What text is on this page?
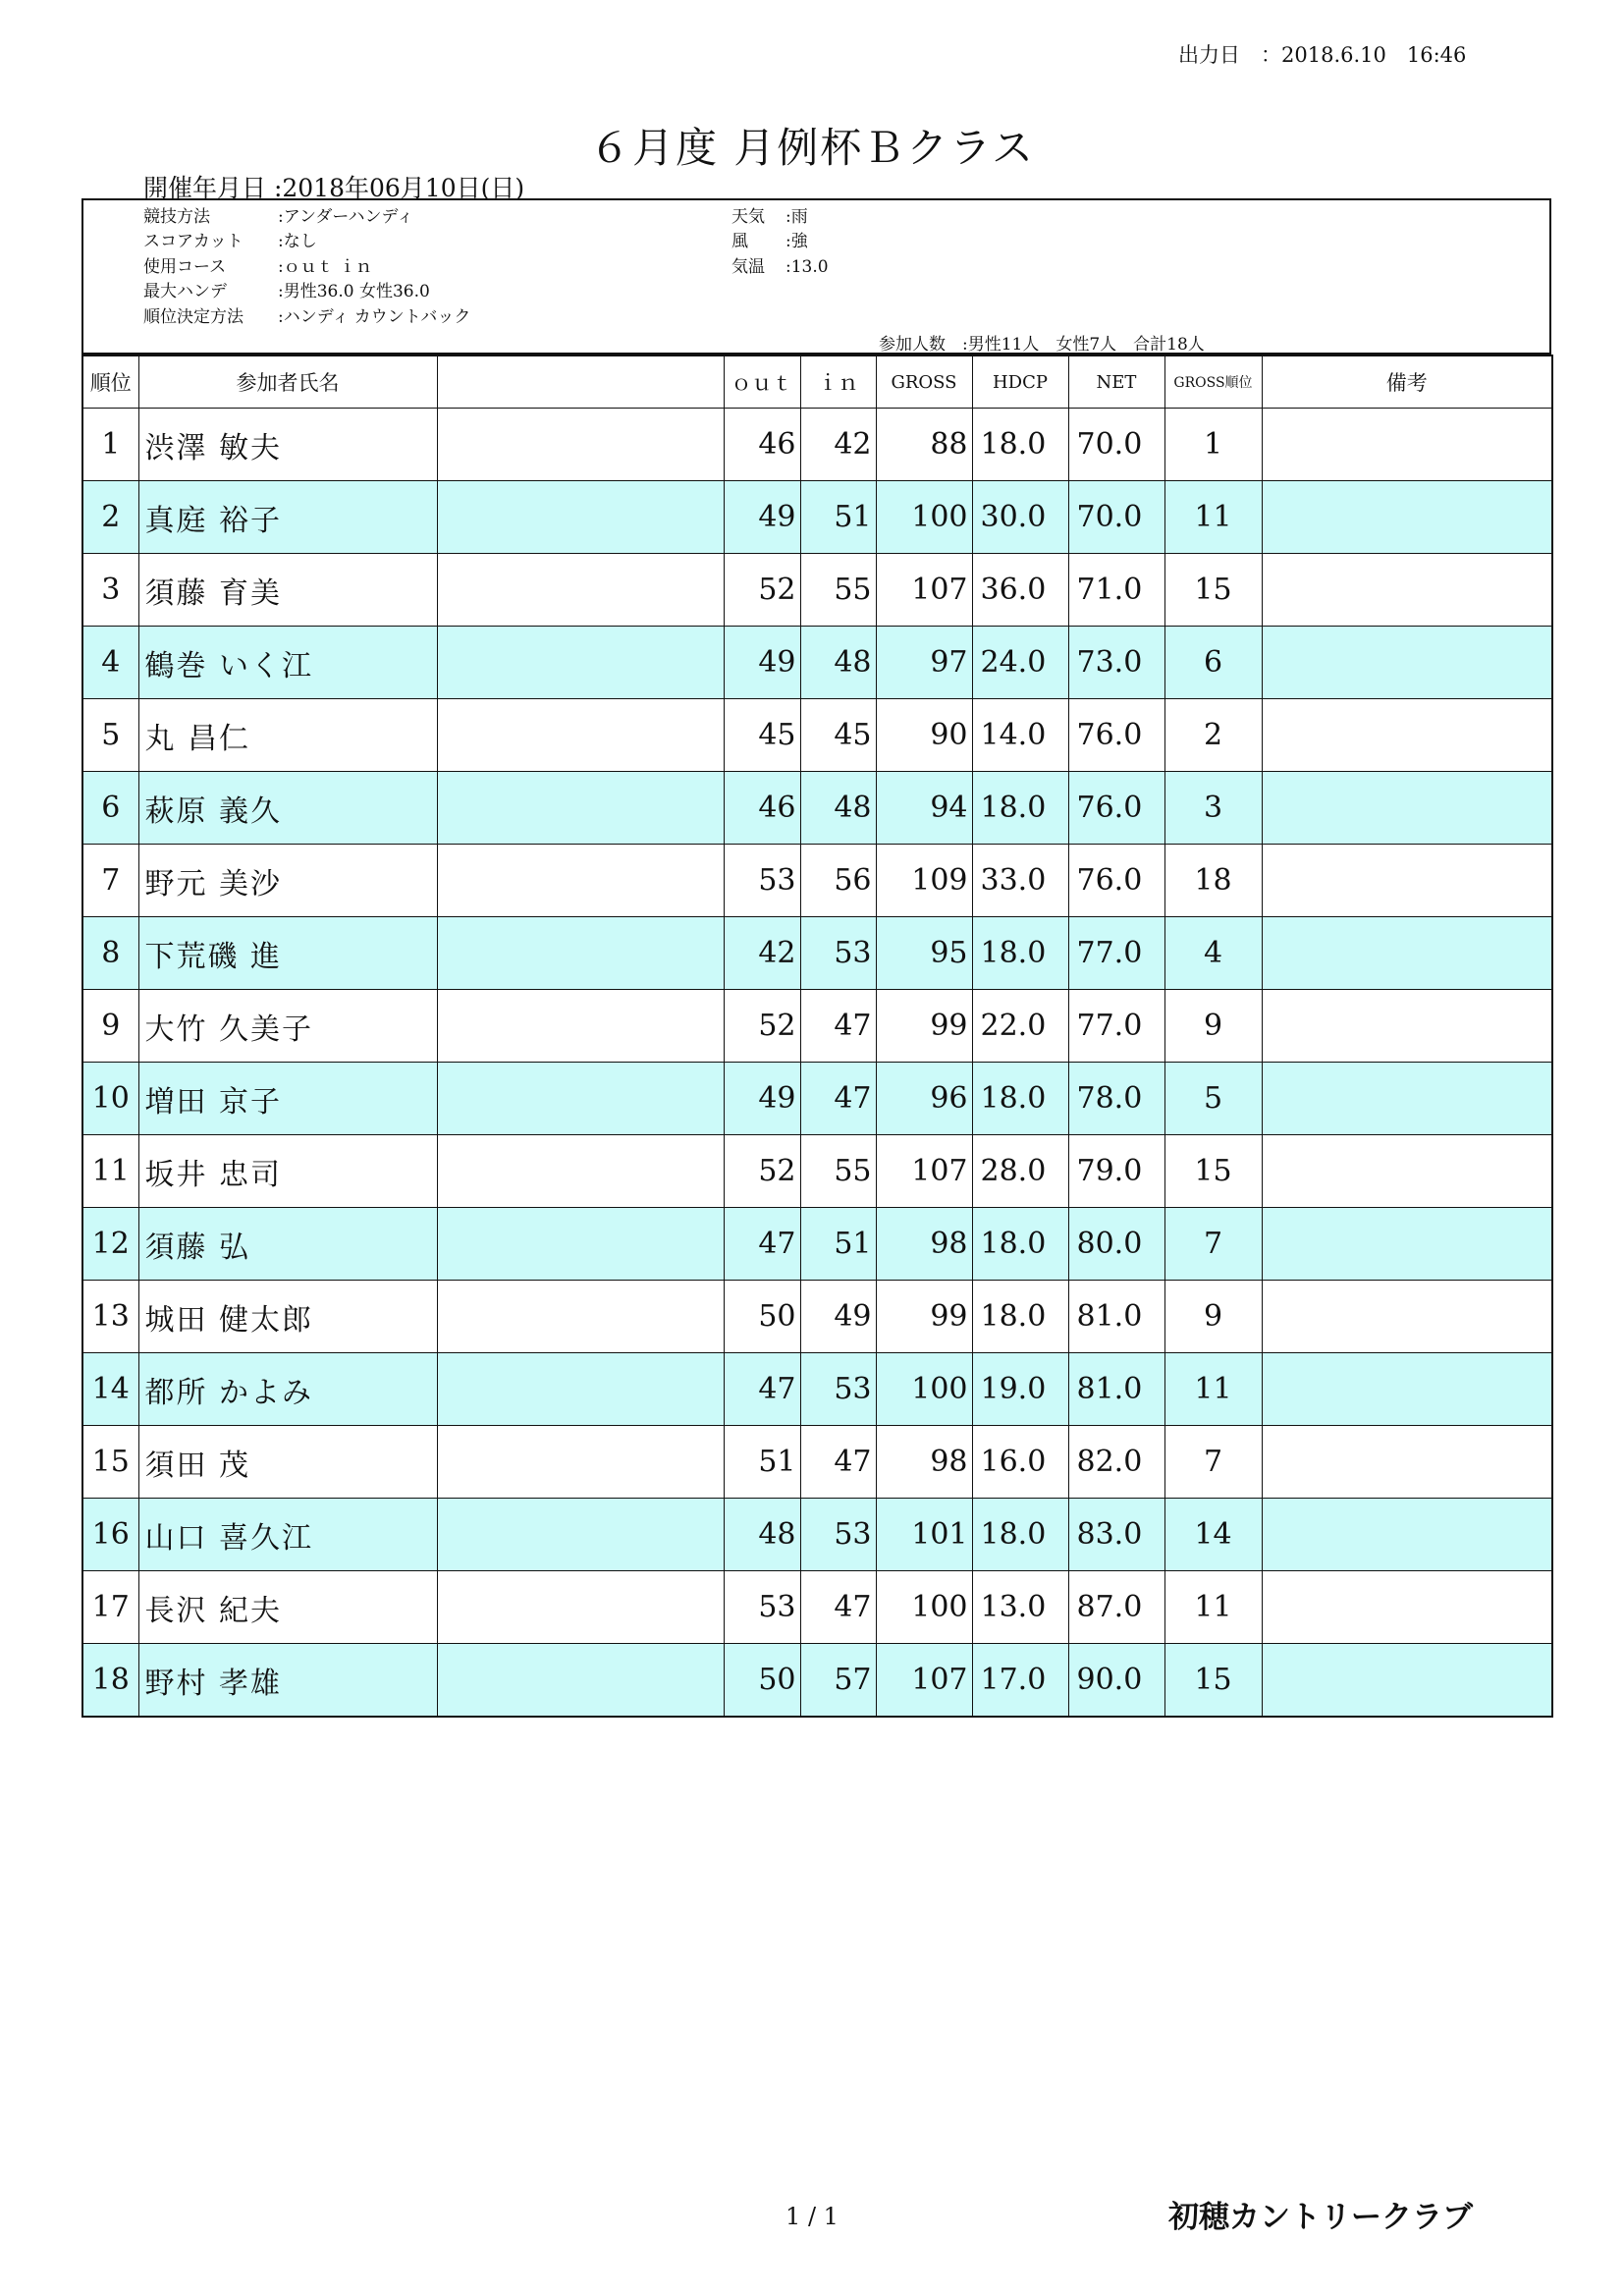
出力日　：2018.6.10　16:46
６月度 月例杯Ｂクラス
開催年月日 :2018年06月10日(日)
競技方法	:アンダーハンディ
スコアカット :なし
使用コース	:ｏｕｔ ｉｎ
最大ハンデ	:男性36.0 女性36.0
順位決定方法 :ハンディ カウントバック
天気 :雨
風 :強
気温 :13.0
参加人数　:男性11人　女性7人　合計18人
順位	参加者氏名		ｏｕｔ	ｉｎ	GROSS	HDCP	NET	GROSS順位	備考
1	渋澤 敏夫		46	42	88	18.0	70.0	1	
2	真庭 裕子		49	51	100	30.0	70.0	11	
3	須藤 育美		52	55	107	36.0	71.0	15	
4	鶴巻 いく江		49	48	97	24.0	73.0	6	
5	丸 昌仁		45	45	90	14.0	76.0	2	
6	萩原 義久		46	48	94	18.0	76.0	3	
7	野元 美沙		53	56	109	33.0	76.0	18	
8	下荒磯 進		42	53	95	18.0	77.0	4	
9	大竹 久美子		52	47	99	22.0	77.0	9	
10	増田 京子		49	47	96	18.0	78.0	5	
11	坂井 忠司		52	55	107	28.0	79.0	15	
12	須藤 弘		47	51	98	18.0	80.0	7	
13	城田 健太郎		50	49	99	18.0	81.0	9	
14	都所 かよみ		47	53	100	19.0	81.0	11	
15	須田 茂		51	47	98	16.0	82.0	7	
16	山口 喜久江		48	53	101	18.0	83.0	14	
17	長沢 紀夫		53	47	100	13.0	87.0	11	
18	野村 孝雄		50	57	107	17.0	90.0	15	
1 / 1	初穂カントリークラブ
